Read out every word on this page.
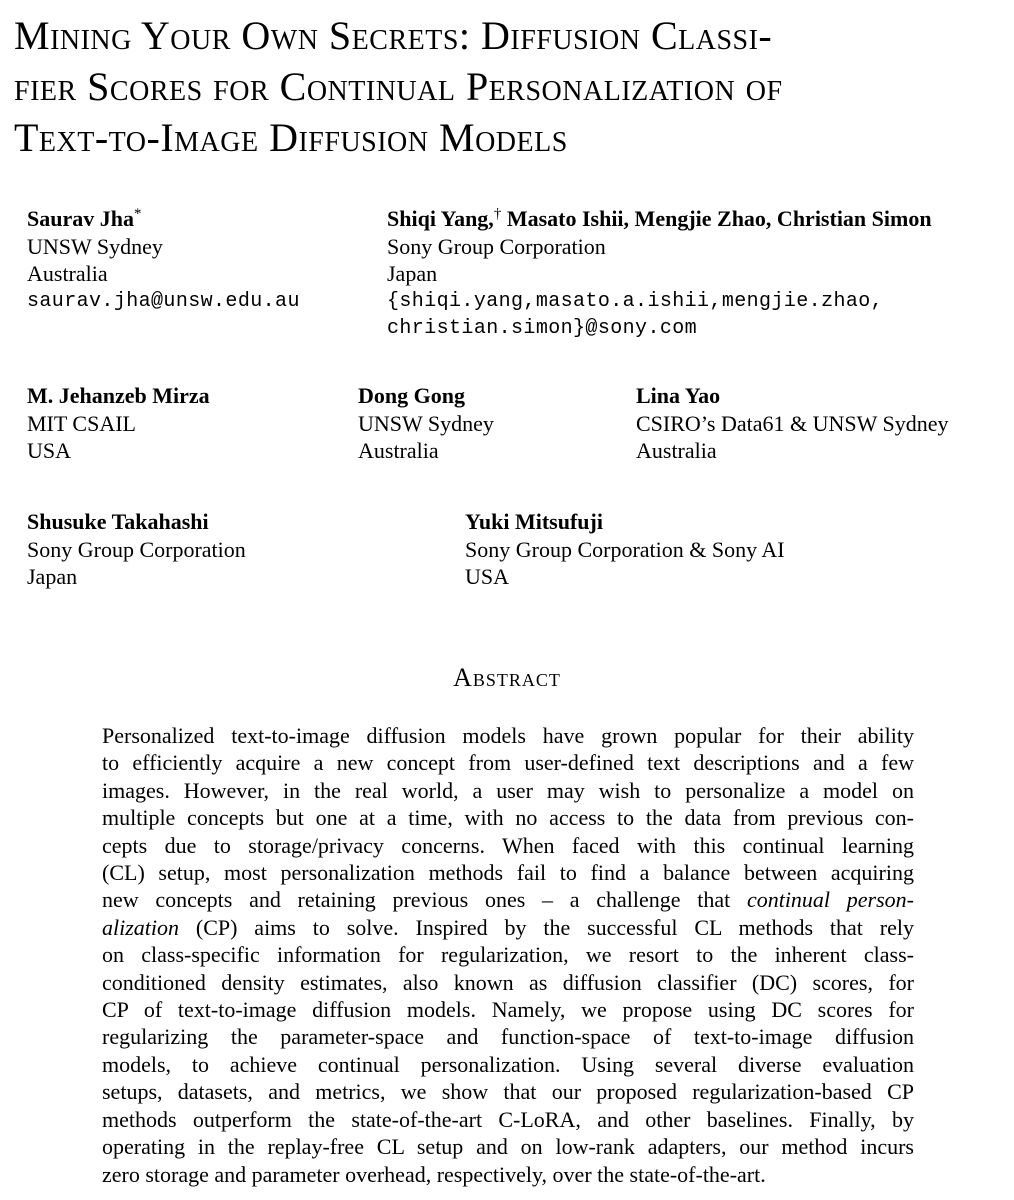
Mining Your Own Secrets: Diffusion Classi-
fier Scores for Continual Personalization of
Text-to-Image Diffusion Models
Saurav Jha*
UNSW Sydney
Australia
saurav.jha@unsw.edu.au
Shiqi Yang,† Masato Ishii, Mengjie Zhao, Christian Simon
Sony Group Corporation
Japan
{shiqi.yang,masato.a.ishii,mengjie.zhao,
christian.simon}@sony.com
M. Jehanzeb Mirza
MIT CSAIL
USA
Dong Gong
UNSW Sydney
Australia
Lina Yao
CSIRO’s Data61 & UNSW Sydney
Australia
Shusuke Takahashi
Sony Group Corporation
Japan
Yuki Mitsufuji
Sony Group Corporation & Sony AI
USA
Abstract
Personalized text-to-image diffusion models have grown popular for their ability
to efficiently acquire a new concept from user-defined text descriptions and a few
images. However, in the real world, a user may wish to personalize a model on
multiple concepts but one at a time, with no access to the data from previous con-
cepts due to storage/privacy concerns. When faced with this continual learning
(CL) setup, most personalization methods fail to find a balance between acquiring
new concepts and retaining previous ones – a challenge that continual person-
alization (CP) aims to solve. Inspired by the successful CL methods that rely
on class-specific information for regularization, we resort to the inherent class-
conditioned density estimates, also known as diffusion classifier (DC) scores, for
CP of text-to-image diffusion models. Namely, we propose using DC scores for
regularizing the parameter-space and function-space of text-to-image diffusion
models, to achieve continual personalization. Using several diverse evaluation
setups, datasets, and metrics, we show that our proposed regularization-based CP
methods outperform the state-of-the-art C-LoRA, and other baselines. Finally, by
operating in the replay-free CL setup and on low-rank adapters, our method incurs
zero storage and parameter overhead, respectively, over the state-of-the-art.
